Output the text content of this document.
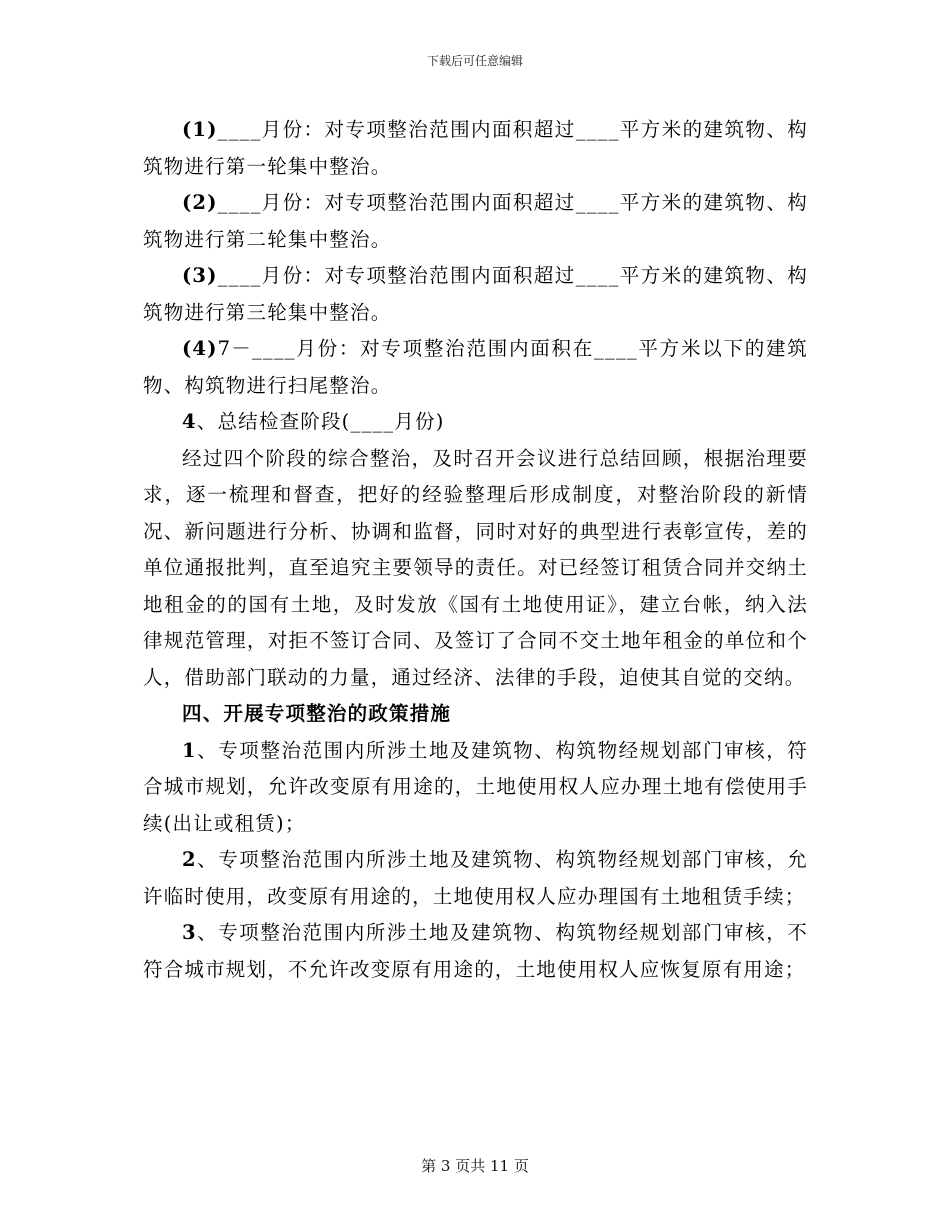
下载后可任意编辑

(1)____月份：对专项整治范围内面积超过____平方米的建筑物、构筑物进行第一轮集中整治。

(2)____月份：对专项整治范围内面积超过____平方米的建筑物、构筑物进行第二轮集中整治。

(3)____月份：对专项整治范围内面积超过____平方米的建筑物、构筑物进行第三轮集中整治。

(4)7－____月份：对专项整治范围内面积在____平方米以下的建筑物、构筑物进行扫尾整治。

4、总结检查阶段(____月份)

经过四个阶段的综合整治，及时召开会议进行总结回顾，根据治理要求，逐一梳理和督查，把好的经验整理后形成制度，对整治阶段的新情况、新问题进行分析、协调和监督，同时对好的典型进行表彰宣传，差的单位通报批判，直至追究主要领导的责任。对已经签订租赁合同并交纳土地租金的的国有土地，及时发放《国有土地使用证》，建立台帐，纳入法律规范管理，对拒不签订合同、及签订了合同不交土地年租金的单位和个人，借助部门联动的力量，通过经济、法律的手段，迫使其自觉的交纳。

四、开展专项整治的政策措施

1、专项整治范围内所涉土地及建筑物、构筑物经规划部门审核，符合城市规划，允许改变原有用途的，土地使用权人应办理土地有偿使用手续(出让或租赁)；

2、专项整治范围内所涉土地及建筑物、构筑物经规划部门审核，允许临时使用，改变原有用途的，土地使用权人应办理国有土地租赁手续；

3、专项整治范围内所涉土地及建筑物、构筑物经规划部门审核，不符合城市规划，不允许改变原有用途的，土地使用权人应恢复原有用途；

第 3 页共 11 页
